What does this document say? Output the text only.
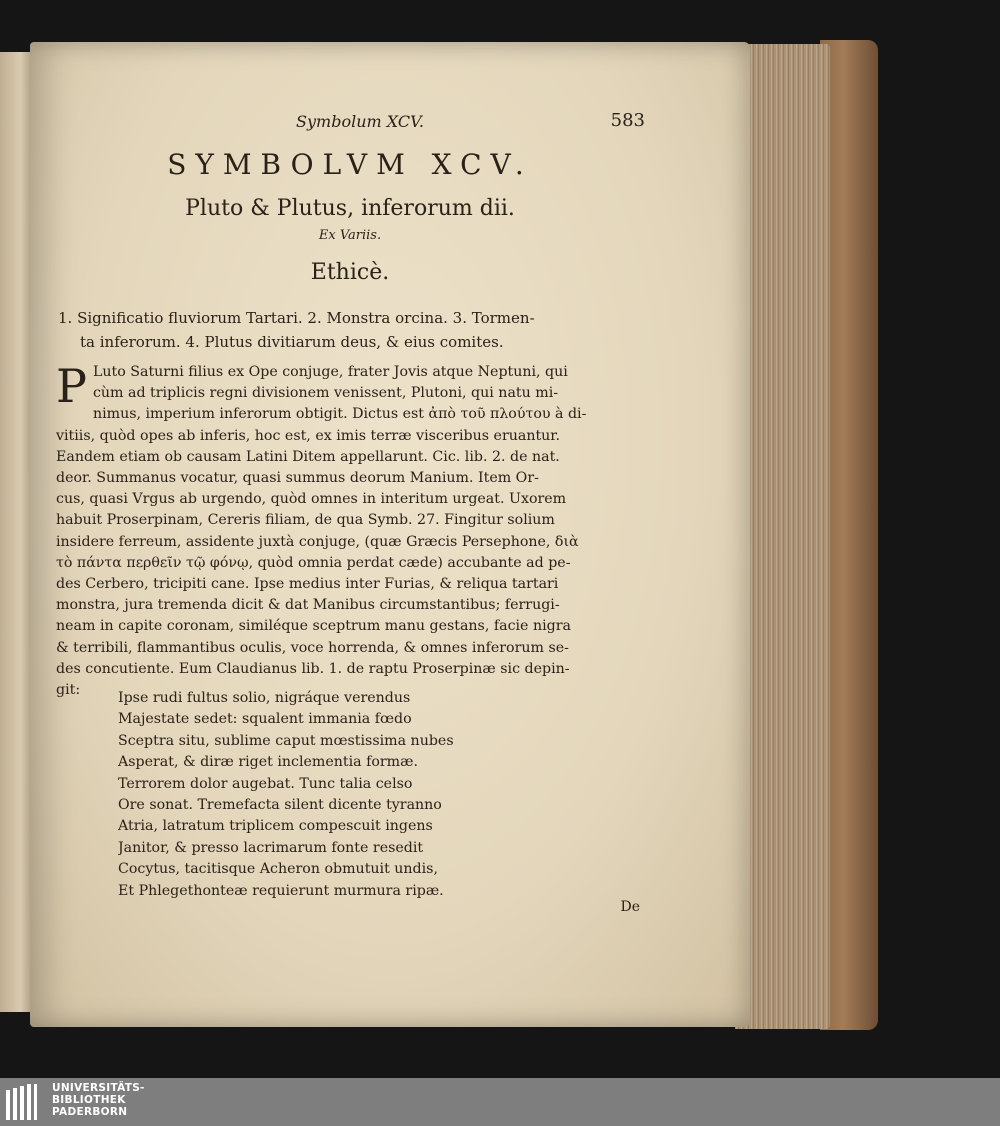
Symbolum XCV.	583
SYMBOLVM XCV.
Pluto & Plutus, inferorum dii.
Ex Variis.
Ethicè.
1. Significatio fluviorum Tartari. 2. Monstra orcina. 3. Tormen-
ta inferorum. 4. Plutus divitiarum deus, & eius comites.
P Luto Saturni filius ex Ope conjuge, frater Jovis atque Neptuni, qui
cùm ad triplicis regni divisionem venissent, Plutoni, qui natu mi-
nimus, imperium inferorum obtigit. Dictus est ἀπὸ τοῦ πλούτου à di-
vitiis, quòd opes ab inferis, hoc est, ex imis terræ visceribus eruantur.
Eandem etiam ob causam Latini Ditem appellarunt. Cic. lib. 2. de nat.
deor. Summanus vocatur, quasi summus deorum Manium. Item Or-
cus, quasi Vrgus ab urgendo, quòd omnes in interitum urgeat. Uxorem
habuit Proserpinam, Cereris filiam, de qua Symb. 27. Fingitur solium
insidere ferreum, assidente juxtà conjuge, (quæ Græcis Persephone, διὰ
τὸ πάντα περθεῖν τῷ φόνῳ, quòd omnia perdat cæde) accubante ad pe-
des Cerbero, tricipiti cane. Ipse medius inter Furias, & reliqua tartari
monstra, jura tremenda dicit & dat Manibus circumstantibus; ferrugi-
neam in capite coronam, similéque sceptrum manu gestans, facie nigra
& terribili, flammantibus oculis, voce horrenda, & omnes inferorum se-
des concutiente. Eum Claudianus lib. 1. de raptu Proserpinæ sic depin-
git:	Ipse rudi fultus solio, nigráque verendus
Majestate sedet: squalent immania fœdo
Sceptra situ, sublime caput mœstissima nubes
Asperat, & diræ riget inclementia formæ.
Terrorem dolor augebat. Tunc talia celso
Ore sonat. Tremefacta silent dicente tyranno
Atria, latratum triplicem compescuit ingens
Janitor, & presso lacrimarum fonte resedit
Cocytus, tacitisque Acheron obmutuit undis,
Et Phlegethonteæ requierunt murmura ripæ.
De
UNIVERSITÄTS-
BIBLIOTHEK
PADERBORN
